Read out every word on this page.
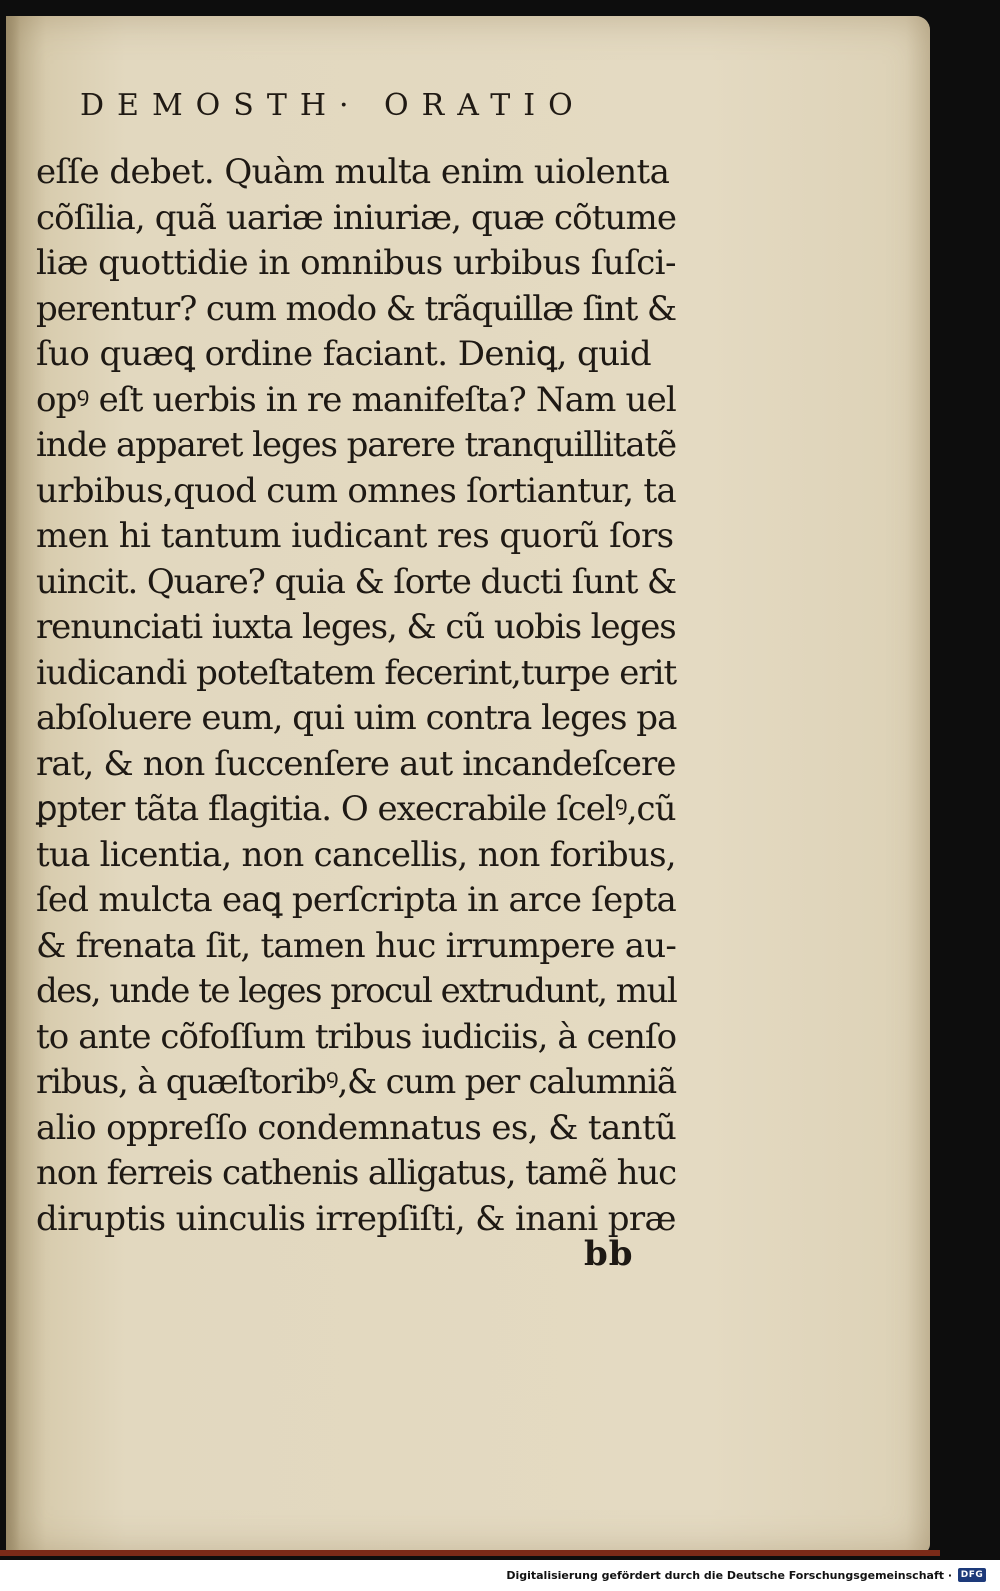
DEMOSTH· ORATIO
eſſe debet. Quàm multa enim uiolenta
cõſilia, quã uariæ iniuriæ, quæ cõtume
liæ quottidie in omnibus urbibus ſuſci-
perentur? cum modo & trãquillæ ſint &
ſuo quæꝗ ordine faciant. Deniꝗ, quid
opꝰ eſt uerbis in re manifeſta? Nam uel
inde apparet leges parere tranquillitatẽ
urbibus,quod cum omnes ſortiantur, ta
men hi tantum iudicant res quorũ ſors
uincit. Quare? quia & ſorte ducti ſunt &
renunciati iuxta leges, & cũ uobis leges
iudicandi poteſtatem fecerint,turpe erit
abſoluere eum, qui uim contra leges pa
rat, & non ſuccenſere aut incandeſcere
ꝑpter tãta flagitia. O execrabile ſcelꝰ,cũ
tua licentia, non cancellis, non foribus,
ſed mulcta eaꝗ perſcripta in arce ſepta
& frenata ſit, tamen huc irrumpere au-
des, unde te leges procul extrudunt, mul
to ante cõfoſſum tribus iudiciis, à cenſo
ribus, à quæſtoribꝰ,& cum per calumniã
alio oppreſſo condemnatus es, & tantũ
non ferreis cathenis alligatus, tamẽ huc
diruptis uinculis irrepſiſti, & inani præ
bb
Digitalisierung gefördert durch die Deutsche Forschungsgemeinschaft · DFG
